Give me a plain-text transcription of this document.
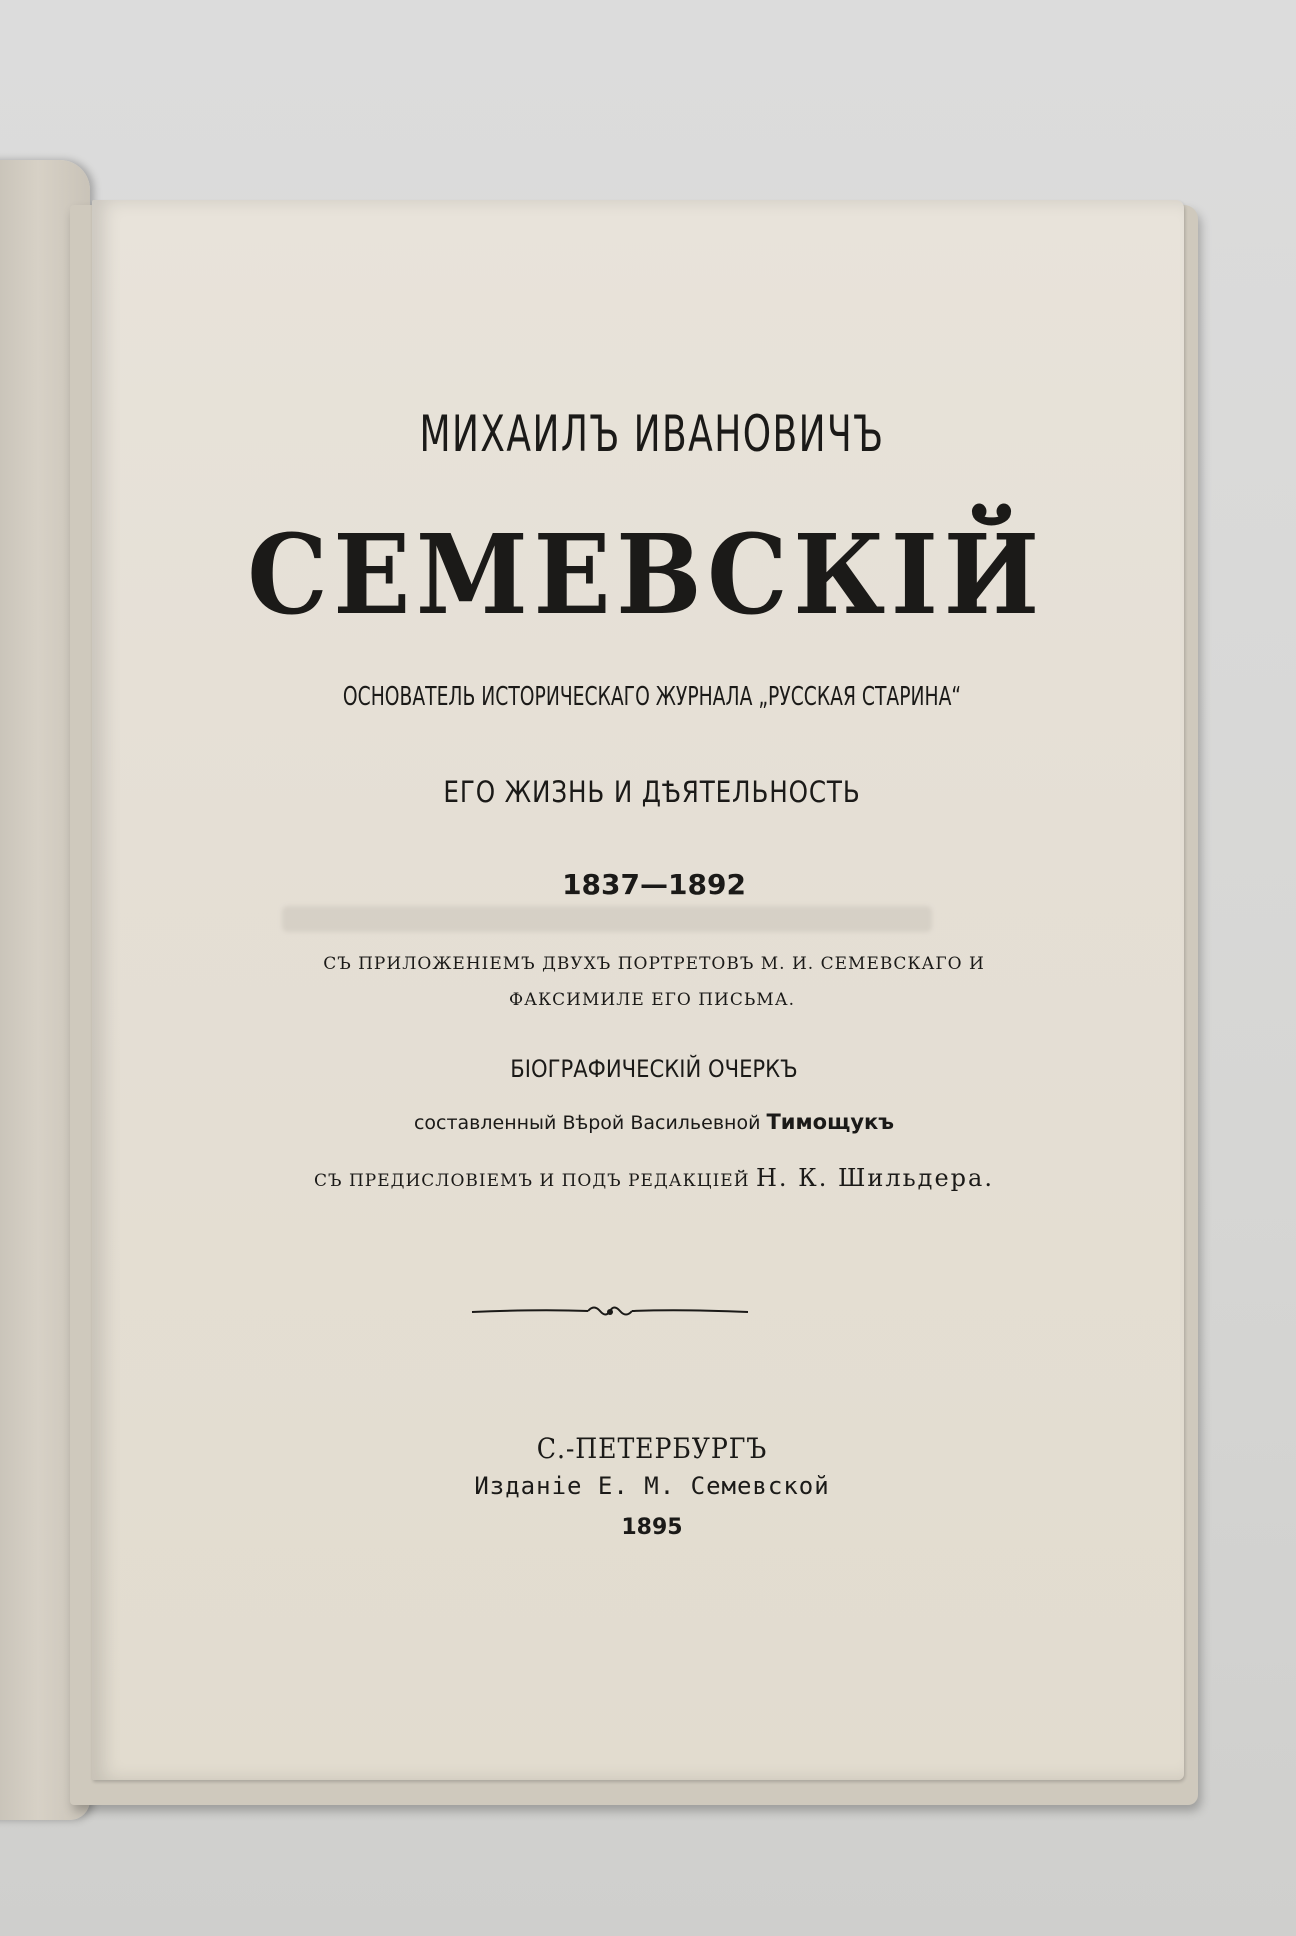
МИХАИЛЪ ИВАНОВИЧЪ
СЕМЕВСКIЙ
ОСНОВАТЕЛЬ ИСТОРИЧЕСКАГО ЖУРНАЛА „РУССКАЯ СТАРИНА“
ЕГО ЖИЗНЬ И ДѢЯТЕЛЬНОСТЬ
1837—1892
СЪ ПРИЛОЖЕНIЕМЪ ДВУХЪ ПОРТРЕТОВЪ М. И. СЕМЕВСКАГО И
ФАКСИМИЛЕ ЕГО ПИСЬМА.
БIОГРАФИЧЕСКIЙ ОЧЕРКЪ
составленный Вѣрой Васильевной Тимощукъ
СЪ ПРЕДИСЛОВIЕМЪ И ПОДЪ РЕДАКЦIЕЙ Н. К. Шильдера.
С.-ПЕТЕРБУРГЪ
Изданiе Е. М. Семевской
1895
